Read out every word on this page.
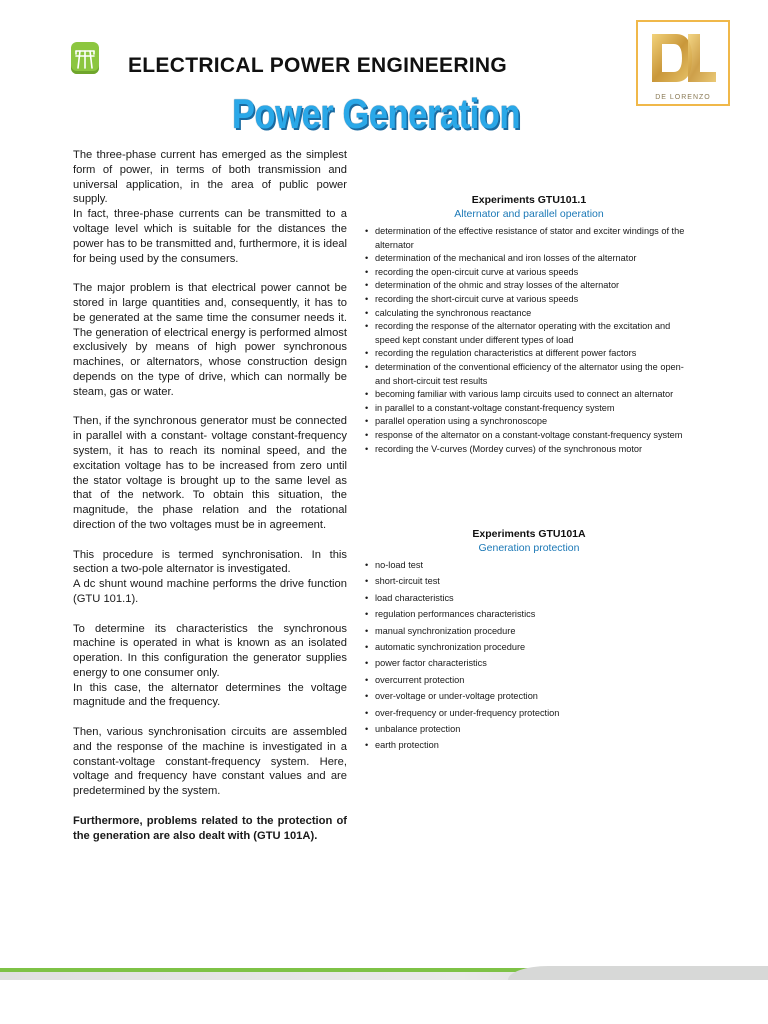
ELECTRICAL POWER ENGINEERING
Power Generation	DE LORENZO

The three-phase current has emerged as the simplest form of power, in terms of both transmission and universal application, in the area of public power supply.

In fact, three-phase currents can be transmitted to a voltage level which is suitable for the distances the power has to be transmitted and, furthermore, it is ideal for being used by the consumers.

The major problem is that electrical power cannot be stored in large quantities and, consequently, it has to be generated at the same time the consumer needs it. The generation of electrical energy is performed almost exclusively by means of high power synchronous machines, or alternators, whose construction design depends on the type of drive, which can normally be steam, gas or water.

Then, if the synchronous generator must be connected in parallel with a constant- voltage constant-frequency system, it has to reach its nominal speed, and the excitation voltage has to be increased from zero until the stator voltage is brought up to the same level as that of the network. To obtain this situation, the magnitude, the phase relation and the rotational direction of the two voltages must be in agreement.

This procedure is termed synchronisation. In this section a two-pole alternator is investigated.

A dc shunt wound machine performs the drive function (GTU 101.1).

To determine its characteristics the synchronous machine is operated in what is known as an isolated operation. In this configuration the generator supplies energy to one consumer only.

In this case, the alternator determines the voltage magnitude and the frequency.

Then, various synchronisation circuits are assembled and the response of the machine is investigated in a constant-voltage constant-frequency system. Here, voltage and frequency have constant values and are predetermined by the system.

Furthermore, problems related to the protection of the generation are also dealt with (GTU 101A).

Experiments GTU101.1
Alternator and parallel operation
• determination of the effective resistance of stator and exciter windings of the alternator
• determination of the mechanical and iron losses of the alternator
• recording the open-circuit curve at various speeds
• determination of the ohmic and stray losses of the alternator
• recording the short-circuit curve at various speeds
• calculating the synchronous reactance
• recording the response of the alternator operating with the excitation and speed kept constant under different types of load
• recording the regulation characteristics at different power factors
• determination of the conventional efficiency of the alternator using the open- and short-circuit test results
• becoming familiar with various lamp circuits used to connect an alternator
• in parallel to a constant-voltage constant-frequency system
• parallel operation using a synchronoscope
• response of the alternator on a constant-voltage constant-frequency system
• recording the V-curves (Mordey curves) of the synchronous motor
Experiments GTU101A
Generation protection
• no-load test
• short-circuit test
• load characteristics
• regulation performances characteristics
• manual synchronization procedure
• automatic synchronization procedure
• power factor characteristics
• overcurrent protection
• over-voltage or under-voltage protection
• over-frequency or under-frequency protection
• unbalance protection
• earth protection
